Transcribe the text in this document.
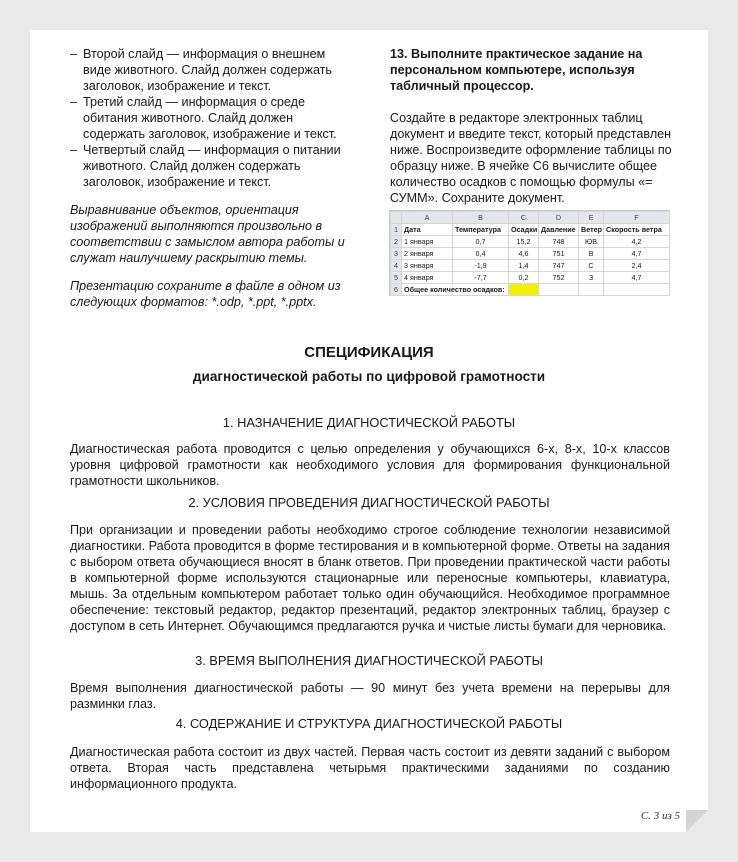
– Второй слайд — информация о внешнем виде животного. Слайд должен содержать заголовок, изображение и текст.
– Третий слайд — информация о среде обитания животного. Слайд должен содержать заголовок, изображение и текст.
– Четвертый слайд — информация о питании животного. Слайд должен содержать заголовок, изображение и текст.
Выравнивание объектов, ориентация изображений выполняются произвольно в соответствии с замыслом автора работы и служат наилучшему раскрытию темы.
Презентацию сохраните в файле в одном из следующих форматов: *.odp, *.ppt, *.pptx.
13. Выполните практическое задание на персональном компьютере, используя табличный процессор.
Создайте в редакторе электронных таблиц документ и введите текст, который представлен ниже. Воспроизведите оформление таблицы по образцу ниже. В ячейке C6 вычислите общее количество осадков с помощью формулы «= СУММ». Сохраните документ.
	A	B	C	D	E	F
1	Дата	Температура	Осадки	Давление	Ветер	Скорость ветра
2	1 января	0,7	15,2	748	ЮВ	4,2
3	2 января	0,4	4,6	751	В	4,7
4	3 января	-1,9	1,4	747	С	2,4
5	4 января	-7,7	0,2	752	З	4,7
6	Общее количество осадков:					
СПЕЦИФИКАЦИЯ
диагностической работы по цифровой грамотности
1. НАЗНАЧЕНИЕ ДИАГНОСТИЧЕСКОЙ РАБОТЫ
Диагностическая работа проводится с целью определения у обучающихся 6-х, 8-х, 10-х классов уровня цифровой грамотности как необходимого условия для формирования функциональной грамотности школьников.
2. УСЛОВИЯ ПРОВЕДЕНИЯ ДИАГНОСТИЧЕСКОЙ РАБОТЫ
При организации и проведении работы необходимо строгое соблюдение технологии независимой диагностики. Работа проводится в форме тестирования и в компьютерной форме. Ответы на задания с выбором ответа обучающиеся вносят в бланк ответов. При проведении практической части работы в компьютерной форме используются стационарные или переносные компьютеры, клавиатура, мышь. За отдельным компьютером работает только один обучающийся. Необходимое программное обеспечение: текстовый редактор, редактор презентаций, редактор электронных таблиц, браузер с доступом в сеть Интернет. Обучающимся предлагаются ручка и чистые листы бумаги для черновика.
3. ВРЕМЯ ВЫПОЛНЕНИЯ ДИАГНОСТИЧЕСКОЙ РАБОТЫ
Время выполнения диагностической работы — 90 минут без учета времени на перерывы для разминки глаз.
4. СОДЕРЖАНИЕ И СТРУКТУРА ДИАГНОСТИЧЕСКОЙ РАБОТЫ
Диагностическая работа состоит из двух частей. Первая часть состоит из девяти заданий с выбором ответа. Вторая часть представлена четырьмя практическими заданиями по созданию информационного продукта.
С. 3 из 5
